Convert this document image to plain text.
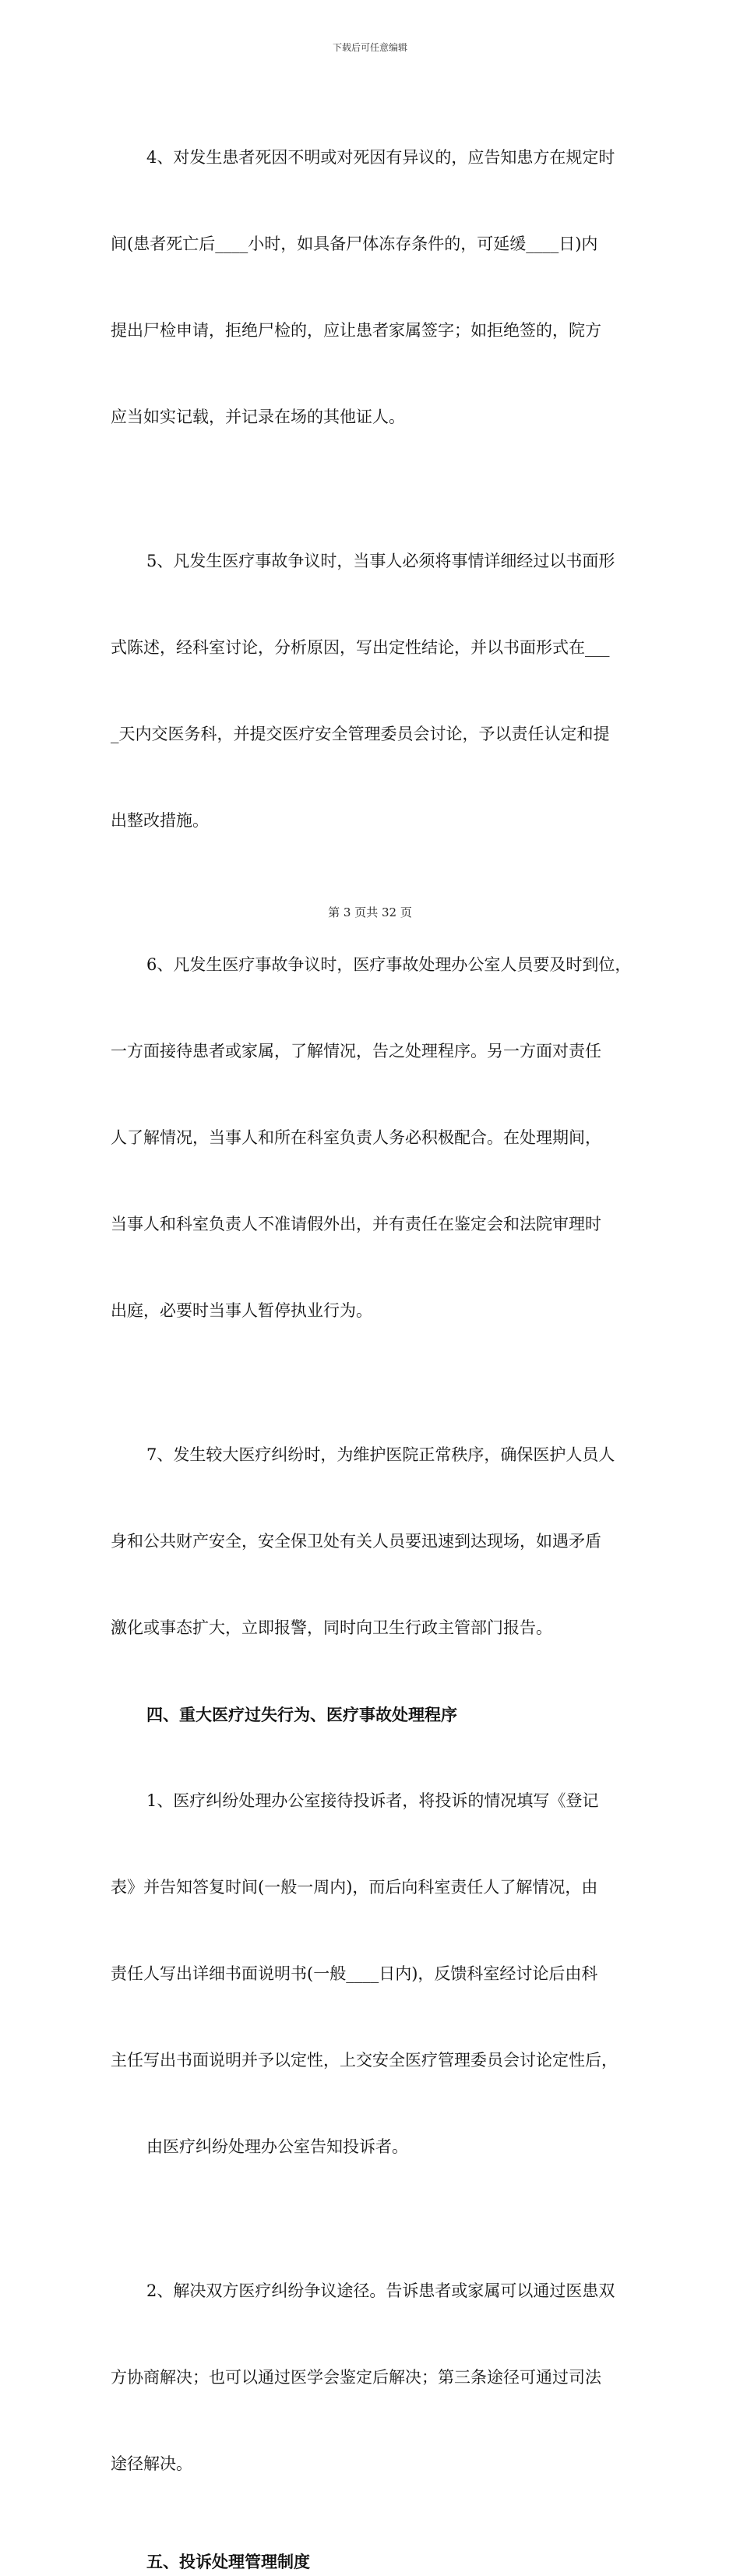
下载后可任意编辑

4、对发生患者死因不明或对死因有异议的，应告知患方在规定时

间(患者死亡后____小时，如具备尸体冻存条件的，可延缓____日)内

提出尸检申请，拒绝尸检的，应让患者家属签字；如拒绝签的，院方

应当如实记载，并记录在场的其他证人。

5、凡发生医疗事故争议时，当事人必须将事情详细经过以书面形

式陈述，经科室讨论，分析原因，写出定性结论，并以书面形式在___

_天内交医务科，并提交医疗安全管理委员会讨论，予以责任认定和提

出整改措施。

6、凡发生医疗事故争议时，医疗事故处理办公室人员要及时到位，

一方面接待患者或家属，了解情况，告之处理程序。另一方面对责任

人了解情况，当事人和所在科室负责人务必积极配合。在处理期间，

当事人和科室负责人不准请假外出，并有责任在鉴定会和法院审理时

出庭，必要时当事人暂停执业行为。

7、发生较大医疗纠纷时，为维护医院正常秩序，确保医护人员人

身和公共财产安全，安全保卫处有关人员要迅速到达现场，如遇矛盾

激化或事态扩大，立即报警，同时向卫生行政主管部门报告。

四、重大医疗过失行为、医疗事故处理程序

1、医疗纠纷处理办公室接待投诉者，将投诉的情况填写《登记

表》并告知答复时间(一般一周内)，而后向科室责任人了解情况，由

责任人写出详细书面说明书(一般____日内)，反馈科室经讨论后由科

主任写出书面说明并予以定性，上交安全医疗管理委员会讨论定性后，

由医疗纠纷处理办公室告知投诉者。

2、解决双方医疗纠纷争议途径。告诉患者或家属可以通过医患双

方协商解决；也可以通过医学会鉴定后解决；第三条途径可通过司法

途径解决。

五、投诉处理管理制度
第 3 页共 32 页
